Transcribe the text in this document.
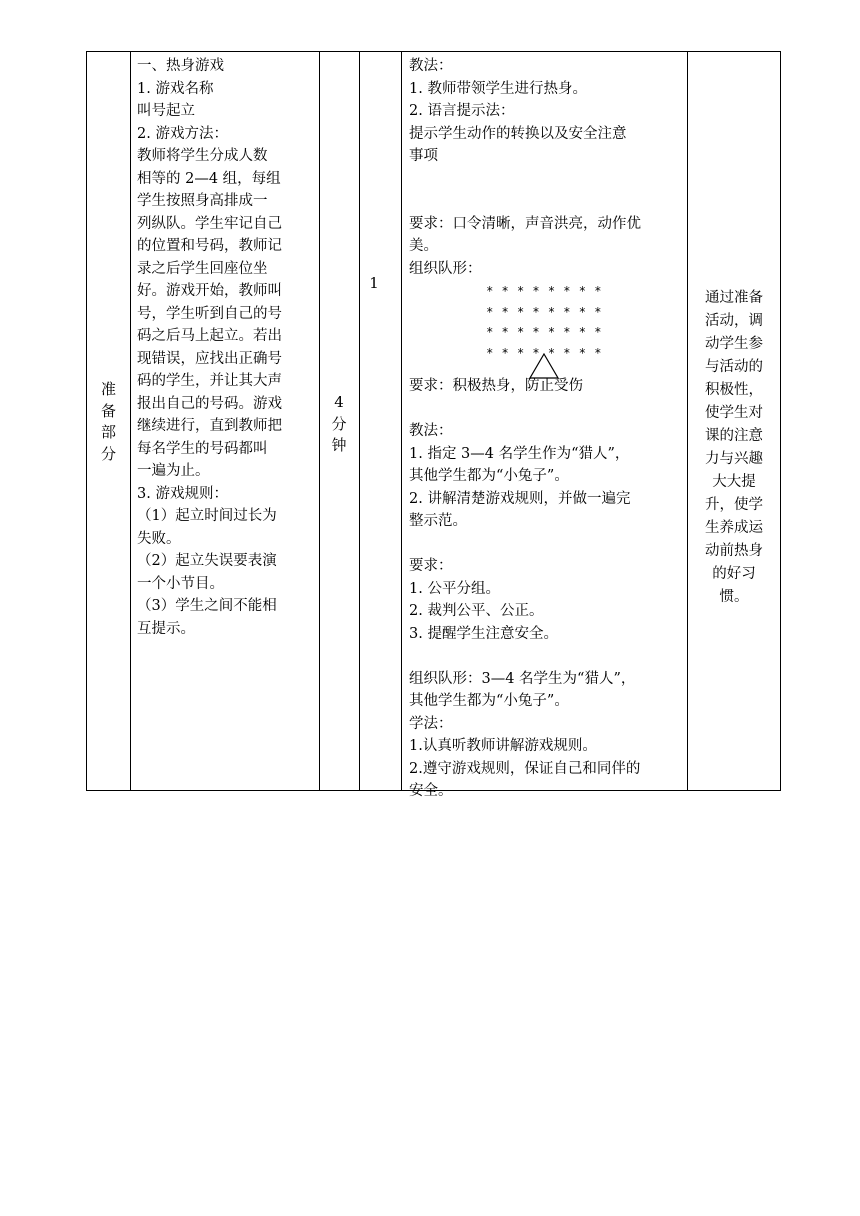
准
备
部
分
一、热身游戏
1. 游戏名称
叫号起立
2. 游戏方法：
教师将学生分成人数
相等的 2—4 组，每组
学生按照身高排成一
列纵队。学生牢记自己
的位置和号码，教师记
录之后学生回座位坐
好。游戏开始，教师叫
号，学生听到自己的号
码之后马上起立。若出
现错误，应找出正确号
码的学生，并让其大声
报出自己的号码。游戏
继续进行，直到教师把
每名学生的号码都叫
一遍为止。
3. 游戏规则：
（1）起立时间过长为
失败。
（2）起立失误要表演
一个小节目。
（3）学生之间不能相
互提示。
4
分
钟
1
教法：
1. 教师带领学生进行热身。
2. 语言提示法：
提示学生动作的转换以及安全注意
事项
要求：口令清晰，声音洪亮，动作优
美。
组织队形：
* * * * * * * *
* * * * * * * *
* * * * * * * *
* * * * * * * *
要求：积极热身，防止受伤
教法：
1. 指定 3—4 名学生作为“猎人”，
其他学生都为“小兔子”。
2. 讲解清楚游戏规则，并做一遍完
整示范。
要求：
1. 公平分组。
2. 裁判公平、公正。
3. 提醒学生注意安全。
组织队形：3—4 名学生为“猎人”，
其他学生都为“小兔子”。
学法：
1.认真听教师讲解游戏规则。
2.遵守游戏规则，保证自己和同伴的
安全。
通过准备
活动，调
动学生参
与活动的
积极性，
使学生对
课的注意
力与兴趣
大大提
升，使学
生养成运
动前热身
的好习
惯。
